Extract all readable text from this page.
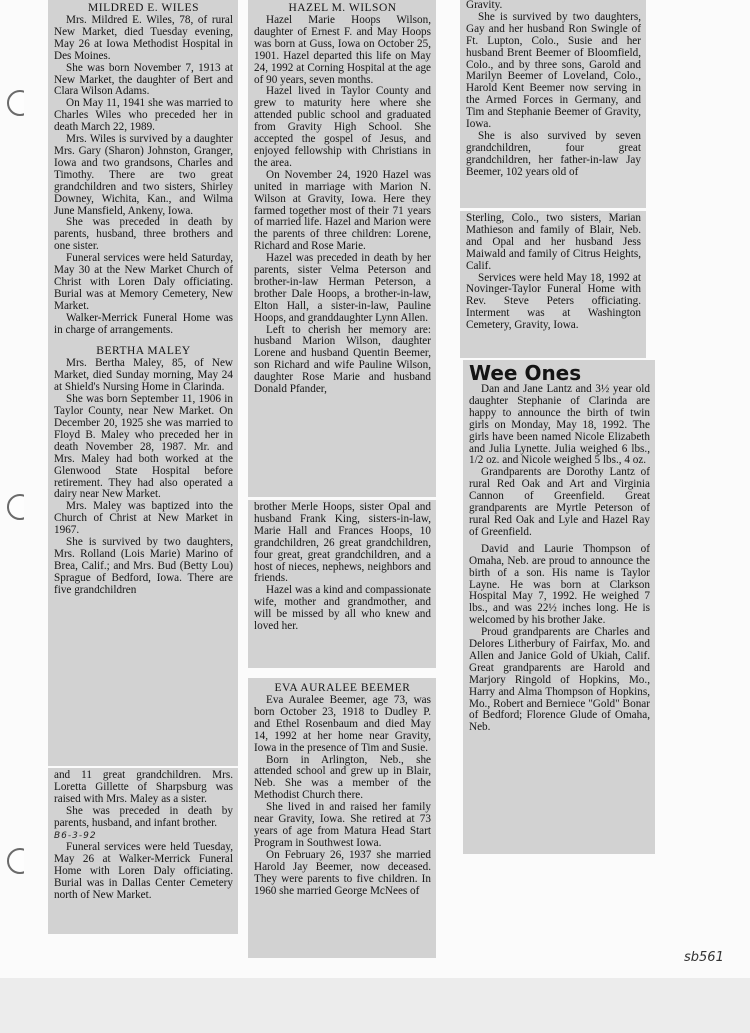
MILDRED E. WILES

Mrs. Mildred E. Wiles, 78, of rural New Market, died Tuesday evening, May 26 at Iowa Methodist Hospital in Des Moines.

She was born November 7, 1913 at New Market, the daughter of Bert and Clara Wilson Adams.

On May 11, 1941 she was married to Charles Wiles who preceded her in death March 22, 1989.

Mrs. Wiles is survived by a daughter Mrs. Gary (Sharon) Johnston, Granger, Iowa and two grandsons, Charles and Timothy. There are two great grandchildren and two sisters, Shirley Downey, Wichita, Kan., and Wilma June Mansfield, Ankeny, Iowa.

She was preceded in death by parents, husband, three brothers and one sister.

Funeral services were held Saturday, May 30 at the New Market Church of Christ with Loren Daly officiating. Burial was at Memory Cemetery, New Market.

Walker-Merrick Funeral Home was in charge of arrangements.

BERTHA MALEY

Mrs. Bertha Maley, 85, of New Market, died Sunday morning, May 24 at Shield's Nursing Home in Clarinda.

She was born September 11, 1906 in Taylor County, near New Market. On December 20, 1925 she was married to Floyd B. Maley who preceded her in death November 28, 1987. Mr. and Mrs. Maley had both worked at the Glenwood State Hospital before retirement. They had also operated a dairy near New Market.

Mrs. Maley was baptized into the Church of Christ at New Market in 1967.

She is survived by two daughters, Mrs. Rolland (Lois Marie) Marino of Brea, Calif.; and Mrs. Bud (Betty Lou) Sprague of Bedford, Iowa. There are five grandchildren

and 11 great grandchildren. Mrs. Loretta Gillette of Sharpsburg was raised with Mrs. Maley as a sister.

She was preceded in death by parents, husband, and infant brother.

B6-3-92

Funeral services were held Tuesday, May 26 at Walker-Merrick Funeral Home with Loren Daly officiating. Burial was in Dallas Center Cemetery north of New Market.

HAZEL M. WILSON

Hazel Marie Hoops Wilson, daughter of Ernest F. and May Hoops was born at Guss, Iowa on October 25, 1901. Hazel departed this life on May 24, 1992 at Corning Hospital at the age of 90 years, seven months.

Hazel lived in Taylor County and grew to maturity here where she attended public school and graduated from Gravity High School. She accepted the gospel of Jesus, and enjoyed fellowship with Christians in the area.

On November 24, 1920 Hazel was united in marriage with Marion N. Wilson at Gravity, Iowa. Here they farmed together most of their 71 years of married life. Hazel and Marion were the parents of three children: Lorene, Richard and Rose Marie.

Hazel was preceded in death by her parents, sister Velma Peterson and brother-in-law Herman Peterson, a brother Dale Hoops, a brother-in-law, Elton Hall, a sister-in-law, Pauline Hoops, and granddaughter Lynn Allen.

Left to cherish her memory are: husband Marion Wilson, daughter Lorene and husband Quentin Beemer, son Richard and wife Pauline Wilson, daughter Rose Marie and husband Donald Pfander,

brother Merle Hoops, sister Opal and husband Frank King, sisters-in-law, Marie Hall and Frances Hoops, 10 grandchildren, 26 great grandchildren, four great, great grandchildren, and a host of nieces, nephews, neighbors and friends.

Hazel was a kind and compassionate wife, mother and grandmother, and will be missed by all who knew and loved her.

EVA AURALEE BEEMER

Eva Auralee Beemer, age 73, was born October 23, 1918 to Dudley P. and Ethel Rosenbaum and died May 14, 1992 at her home near Gravity, Iowa in the presence of Tim and Susie.

Born in Arlington, Neb., she attended school and grew up in Blair, Neb. She was a member of the Methodist Church there.

She lived in and raised her family near Gravity, Iowa. She retired at 73 years of age from Matura Head Start Program in Southwest Iowa.

On February 26, 1937 she married Harold Jay Beemer, now deceased. They were parents to five children. In 1960 she married George McNees of

Gravity.

She is survived by two daughters, Gay and her husband Ron Swingle of Ft. Lupton, Colo., Susie and her husband Brent Beemer of Bloomfield, Colo., and by three sons, Garold and Marilyn Beemer of Loveland, Colo., Harold Kent Beemer now serving in the Armed Forces in Germany, and Tim and Stephanie Beemer of Gravity, Iowa.

She is also survived by seven grandchildren, four great grandchildren, her father-in-law Jay Beemer, 102 years old of

Sterling, Colo., two sisters, Marian Mathieson and family of Blair, Neb. and Opal and her husband Jess Maiwald and family of Citrus Heights, Calif.

Services were held May 18, 1992 at Novinger-Taylor Funeral Home with Rev. Steve Peters officiating. Interment was at Washington Cemetery, Gravity, Iowa.

Wee Ones

Dan and Jane Lantz and 3½ year old daughter Stephanie of Clarinda are happy to announce the birth of twin girls on Monday, May 18, 1992. The girls have been named Nicole Elizabeth and Julia Lynette. Julia weighed 6 lbs., 1/2 oz. and Nicole weighed 5 lbs., 4 oz.

Grandparents are Dorothy Lantz of rural Red Oak and Art and Virginia Cannon of Greenfield. Great grandparents are Myrtle Peterson of rural Red Oak and Lyle and Hazel Ray of Greenfield.

David and Laurie Thompson of Omaha, Neb. are proud to announce the birth of a son. His name is Taylor Layne. He was born at Clarkson Hospital May 7, 1992. He weighed 7 lbs., and was 22½ inches long. He is welcomed by his brother Jake.

Proud grandparents are Charles and Delores Litherbury of Fairfax, Mo. and Allen and Janice Gold of Ukiah, Calif. Great grandparents are Harold and Marjory Ringold of Hopkins, Mo., Harry and Alma Thompson of Hopkins, Mo., Robert and Berniece "Gold" Bonar of Bedford; Florence Glude of Omaha, Neb.

sb561
